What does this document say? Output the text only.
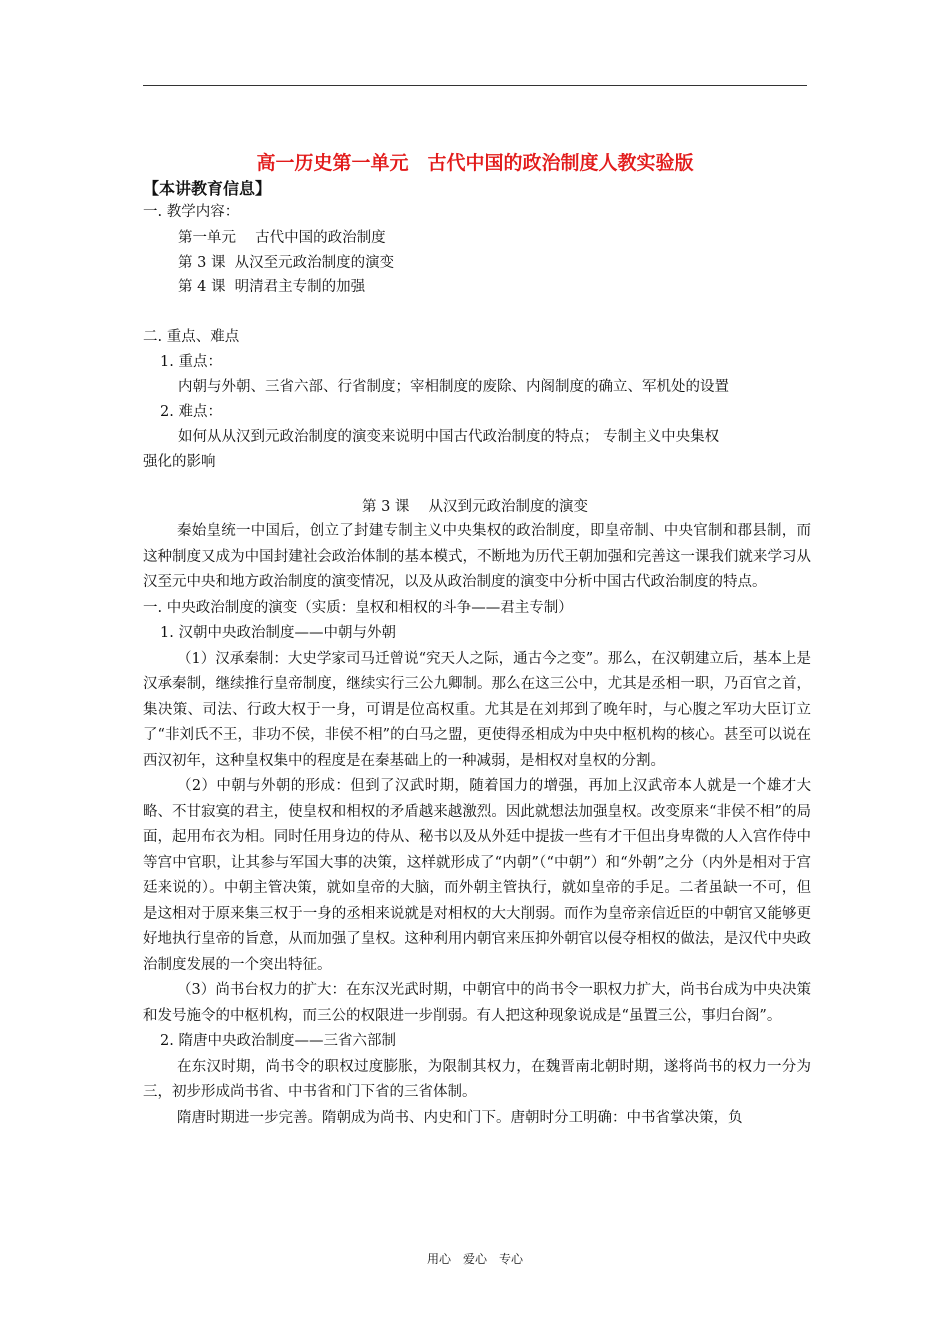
高一历史第一单元　古代中国的政治制度人教实验版
【本讲教育信息】
一. 教学内容：
第一单元　 古代中国的政治制度
第 3 课  从汉至元政治制度的演变
第 4 课  明清君主专制的加强
二. 重点、难点
1. 重点：
内朝与外朝、三省六部、行省制度；宰相制度的废除、内阁制度的确立、军机处的设置
2. 难点：
如何从从汉到元政治制度的演变来说明中国古代政治制度的特点； 专制主义中央集权
强化的影响
第 3 课　 从汉到元政治制度的演变

秦始皇统一中国后，创立了封建专制主义中央集权的政治制度，即皇帝制、中央官制和郡县制，而这种制度又成为中国封建社会政治体制的基本模式，不断地为历代王朝加强和完善这一课我们就来学习从汉至元中央和地方政治制度的演变情况，以及从政治制度的演变中分析中国古代政治制度的特点。

一. 中央政治制度的演变（实质：皇权和相权的斗争——君主专制）

1. 汉朝中央政治制度——中朝与外朝

（1）汉承秦制：大史学家司马迁曾说“究天人之际，通古今之变”。那么，在汉朝建立后，基本上是汉承秦制，继续推行皇帝制度，继续实行三公九卿制。那么在这三公中，尤其是丞相一职，乃百官之首，集决策、司法、行政大权于一身，可谓是位高权重。尤其是在刘邦到了晚年时，与心腹之军功大臣订立了“非刘氏不王，非功不侯，非侯不相”的白马之盟，更使得丞相成为中央中枢机构的核心。甚至可以说在西汉初年，这种皇权集中的程度是在秦基础上的一种减弱，是相权对皇权的分割。

（2）中朝与外朝的形成：但到了汉武时期，随着国力的增强，再加上汉武帝本人就是一个雄才大略、不甘寂寞的君主，使皇权和相权的矛盾越来越激烈。因此就想法加强皇权。改变原来“非侯不相”的局面，起用布衣为相。同时任用身边的侍从、秘书以及从外廷中提拔一些有才干但出身卑微的人入宫作侍中等宫中官职，让其参与军国大事的决策，这样就形成了“内朝”（“中朝”）和“外朝”之分（内外是相对于宫廷来说的）。中朝主管决策，就如皇帝的大脑，而外朝主管执行，就如皇帝的手足。二者虽缺一不可，但是这相对于原来集三权于一身的丞相来说就是对相权的大大削弱。而作为皇帝亲信近臣的中朝官又能够更好地执行皇帝的旨意，从而加强了皇权。这种利用内朝官来压抑外朝官以侵夺相权的做法，是汉代中央政治制度发展的一个突出特征。

（3）尚书台权力的扩大：在东汉光武时期，中朝官中的尚书令一职权力扩大，尚书台成为中央决策和发号施令的中枢机构，而三公的权限进一步削弱。有人把这种现象说成是“虽置三公，事归台阁”。

2. 隋唐中央政治制度——三省六部制

在东汉时期，尚书令的职权过度膨胀，为限制其权力，在魏晋南北朝时期，遂将尚书的权力一分为三，初步形成尚书省、中书省和门下省的三省体制。

隋唐时期进一步完善。隋朝成为尚书、内史和门下。唐朝时分工明确：中书省掌决策，负

用心　爱心　专心
